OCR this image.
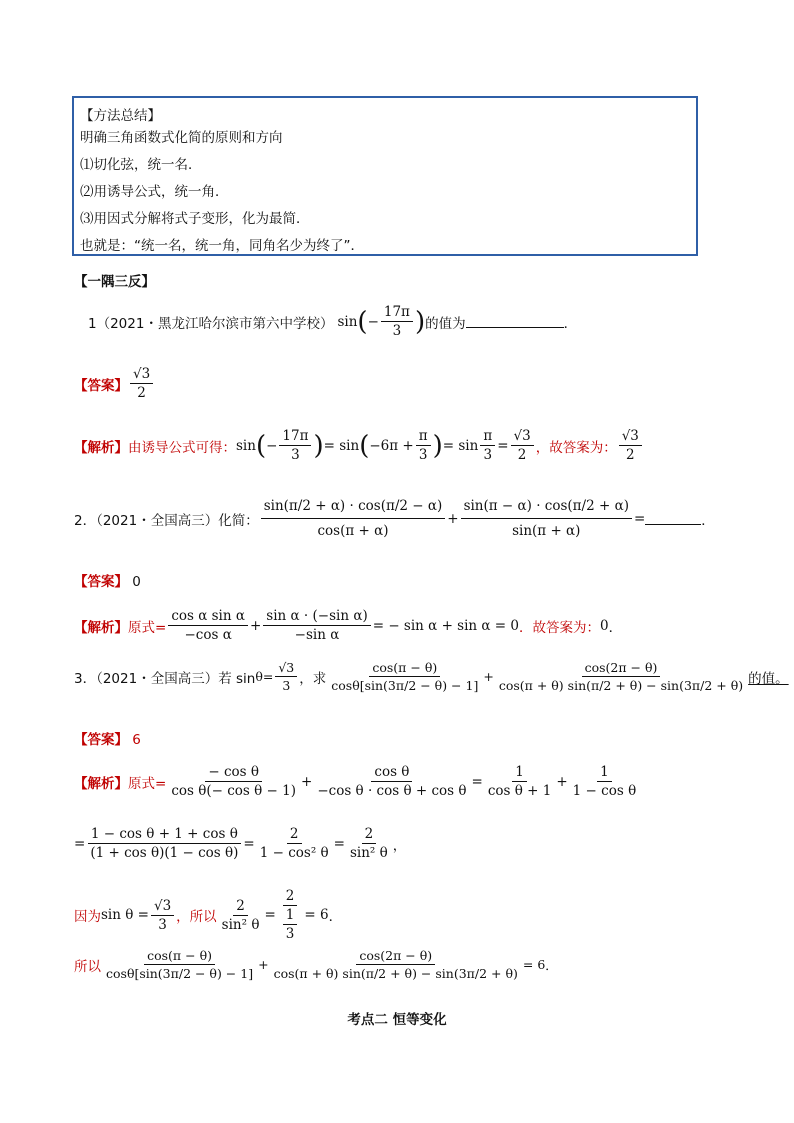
【方法总结】
明确三角函数式化简的原则和方向
⑴切化弦，统一名．
⑵用诱导公式，统一角．
⑶用因式分解将式子变形，化为最简．
也就是：“统一名，统一角，同角名少为终了”．
【一隅三反】
1（2021・黑龙江哈尔滨市第六中学校） sin ( − $\frac{17\pi}{3}$ ) 的值为	．
【答案】 $\frac{√3}{2}$
【解析】 由诱导公式可得： sin ( − $\frac{17\pi}{3}$ ) = sin ( $-6\pi + \frac{\pi}{3}$ ) = $\sin \frac{\pi}{3} = \frac{√3}{2}$ ，故答案为： $\frac{√3}{2}$
2．（2021・全国高三）化简： $\frac{\sin(\pi/2 + \alpha) \cdot \cos(\pi/2 - \alpha)}{\cos(\pi + \alpha)} + \frac{\sin(\pi - \alpha) \cdot \cos(\pi/2 + \alpha)}{\sin(\pi + \alpha)}$ =	．
【答案】 0
【解析】 原式= $\frac{\text{cos α sin α}}{\text{−cos α}} + \frac{\text{sin α · (−sin α)}}{\text{−sin α}}$ = − sin α + sin α = 0 ．故答案为： 0 ．
3．（2021・全国高三）若 $\sin \theta= \frac{√3}{3}$ ，求 $\frac{\cos(\pi - \theta)}{\cos\theta[\sin(3\pi/2 - \theta) - 1]} + \frac{\cos(2\pi - \theta)}{\cos(\pi + \theta) \sin(\pi/2 + \theta) - \sin(3\pi/2 + \theta)}$ 的值。
【答案】 6
【解析】 原式= $\frac{\text{− cos θ}}{\text{cos θ(− cos θ − 1)}} + \frac{\text{cos θ}}{\text{−cos θ · cos θ + cos θ}} = \frac{1}{\text{cos θ + 1}} + \frac{1}{\text{1 − cos θ}}$
= $\frac{\text{1 − cos θ + 1 + cos θ}}{\text{(1 + cos θ)(1 − cos θ)}} = \frac{2}{\text{1 − cos² θ}} = \frac{2}{\text{sin² θ}}$ ，
因为 $\sin \theta = \frac{√3}{3}$ ，所以 $\frac{2}{\text{sin² θ}} = \frac{2}{\frac{1}{3}} = 6$ ．
所以 $\frac{\cos(\pi - \theta)}{\cos\theta[\sin(3\pi/2 - \theta) - 1]} + \frac{\cos(2\pi - \theta)}{\cos(\pi + \theta) \sin(\pi/2 + \theta) - \sin(3\pi/2 + \theta)} = 6$ ．
考点二 恒等变化
